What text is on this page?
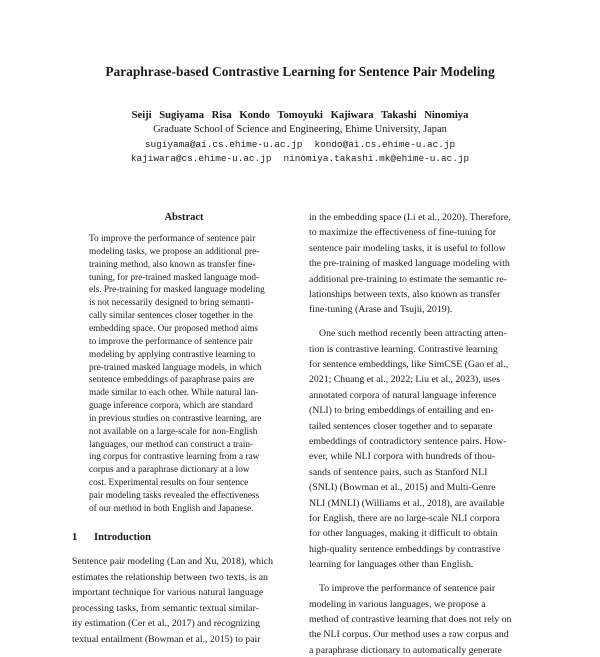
Paraphrase-based Contrastive Learning for Sentence Pair Modeling
Seiji Sugiyama Risa Kondo Tomoyuki Kajiwara Takashi Ninomiya
Graduate School of Science and Engineering, Ehime University, Japan
sugiyama@ai.cs.ehime-u.ac.jp kondo@ai.cs.ehime-u.ac.jp
kajiwara@cs.ehime-u.ac.jp ninomiya.takashi.mk@ehime-u.ac.jp
Abstract
To improve the performance of sentence pair
modeling tasks, we propose an additional pre-
training method, also known as transfer fine-
tuning, for pre-trained masked language mod-
els. Pre-training for masked language modeling
is not necessarily designed to bring semanti-
cally similar sentences closer together in the
embedding space. Our proposed method aims
to improve the performance of sentence pair
modeling by applying contrastive learning to
pre-trained masked language models, in which
sentence embeddings of paraphrase pairs are
made similar to each other. While natural lan-
guage inference corpora, which are standard
in previous studies on contrastive learning, are
not available on a large-scale for non-English
languages, our method can construct a train-
ing corpus for contrastive learning from a raw
corpus and a paraphrase dictionary at a low
cost. Experimental results on four sentence
pair modeling tasks revealed the effectiveness
of our method in both English and Japanese.
1 Introduction
Sentence pair modeling (Lan and Xu, 2018), which
estimates the relationship between two texts, is an
important technique for various natural language
processing tasks, from semantic textual similar-
ity estimation (Cer et al., 2017) and recognizing
textual entailment (Bowman et al., 2015) to pair
in the embedding space (Li et al., 2020). Therefore,
to maximize the effectiveness of fine-tuning for
sentence pair modeling tasks, it is useful to follow
the pre-training of masked language modeling with
additional pre-training to estimate the semantic re-
lationships between texts, also known as transfer
fine-tuning (Arase and Tsujii, 2019).
One such method recently been attracting atten-
tion is contrastive learning. Contrastive learning
for sentence embeddings, like SimCSE (Gao et al.,
2021; Chuang et al., 2022; Liu et al., 2023), uses
annotated corpora of natural language inference
(NLI) to bring embeddings of entailing and en-
tailed sentences closer together and to separate
embeddings of contradictory sentence pairs. How-
ever, while NLI corpora with hundreds of thou-
sands of sentence pairs, such as Stanford NLI
(SNLI) (Bowman et al., 2015) and Multi-Genre
NLI (MNLI) (Williams et al., 2018), are available
for English, there are no large-scale NLI corpora
for other languages, making it difficult to obtain
high-quality sentence embeddings by contrastive
learning for languages other than English.
To improve the performance of sentence pair
modeling in various languages, we propose a
method of contrastive learning that does not rely on
the NLI corpus. Our method uses a raw corpus and
a paraphrase dictionary to automatically generate
